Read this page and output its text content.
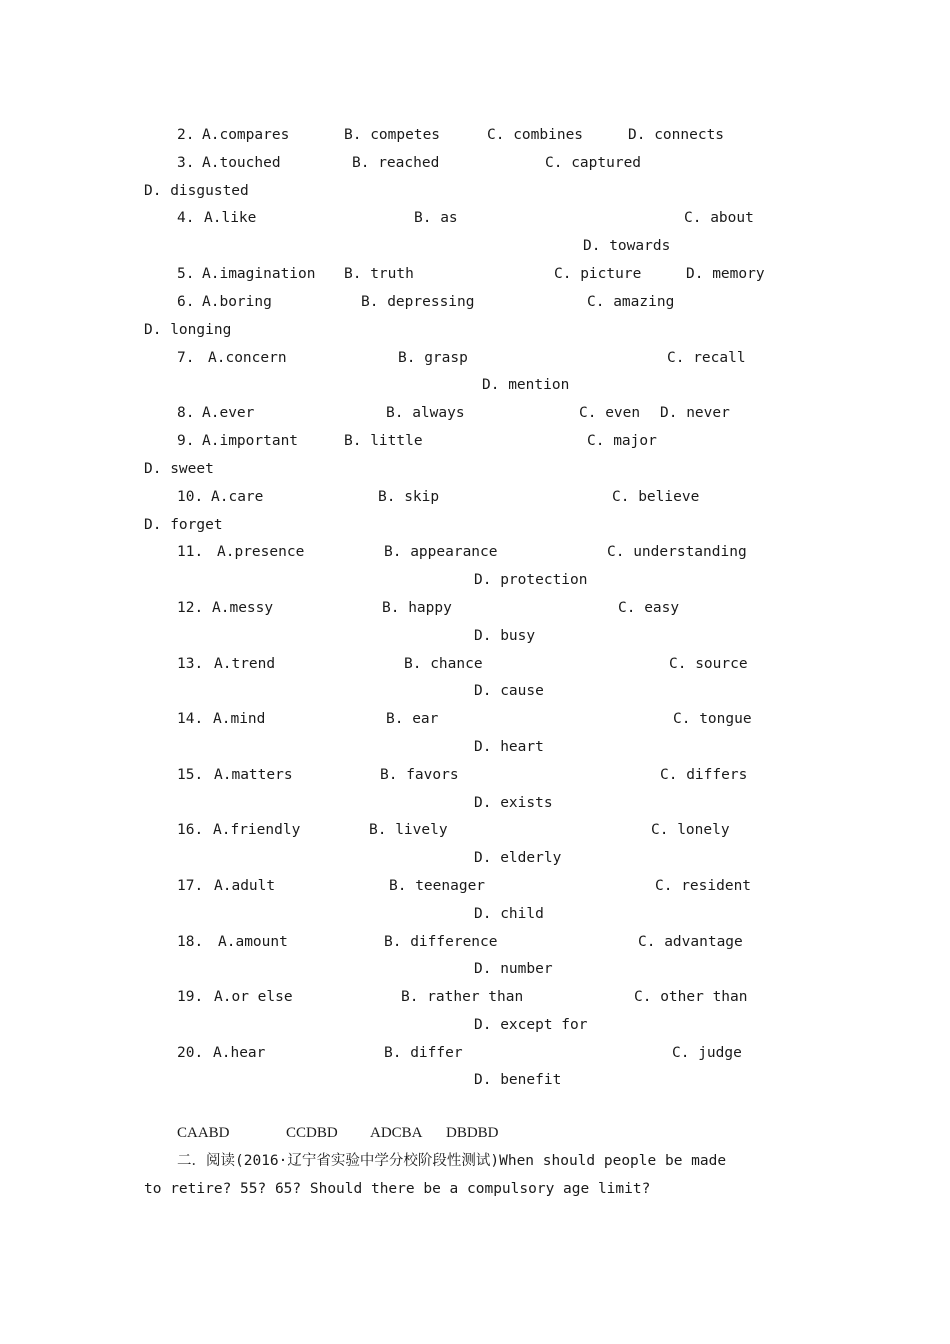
2. A.compares	B. competes	C. combines	D. connects
3. A.touched	B. reached	C. captured
D. disgusted
4. A.like	B. as	C. about
D. towards
5. A.imagination B. truth	C. picture	D. memory
6. A.boring	B. depressing	C. amazing
D. longing
7. A.concern	B. grasp	C. recall
D. mention
8. A.ever	B. always	C. even D. never
9. A.important	B. little	C. major
D. sweet
10. A.care	B. skip	C. believe
D. forget
11. A.presence	B. appearance	C. understanding
D. protection
12. A.messy	B. happy	C. easy
D. busy
13. A.trend	B. chance	C. source
D. cause
14. A.mind	B. ear	C. tongue
D. heart
15. A.matters	B. favors	C. differs
D. exists
16. A.friendly	B. lively	C. lonely
D. elderly
17. A.adult	B. teenager	C. resident
D. child
18. A.amount	B. difference	C. advantage
D. number
19. A.or else	B. rather than	C. other than
D. except for
20. A.hear	B. differ	C. judge
D. benefit
CAABD	CCDBD ADCBA DBDBD
二．阅读(2016·辽宁省实验中学分校阶段性测试)When should people be made
to retire? 55? 65? Should there be a compulsory age limit?
